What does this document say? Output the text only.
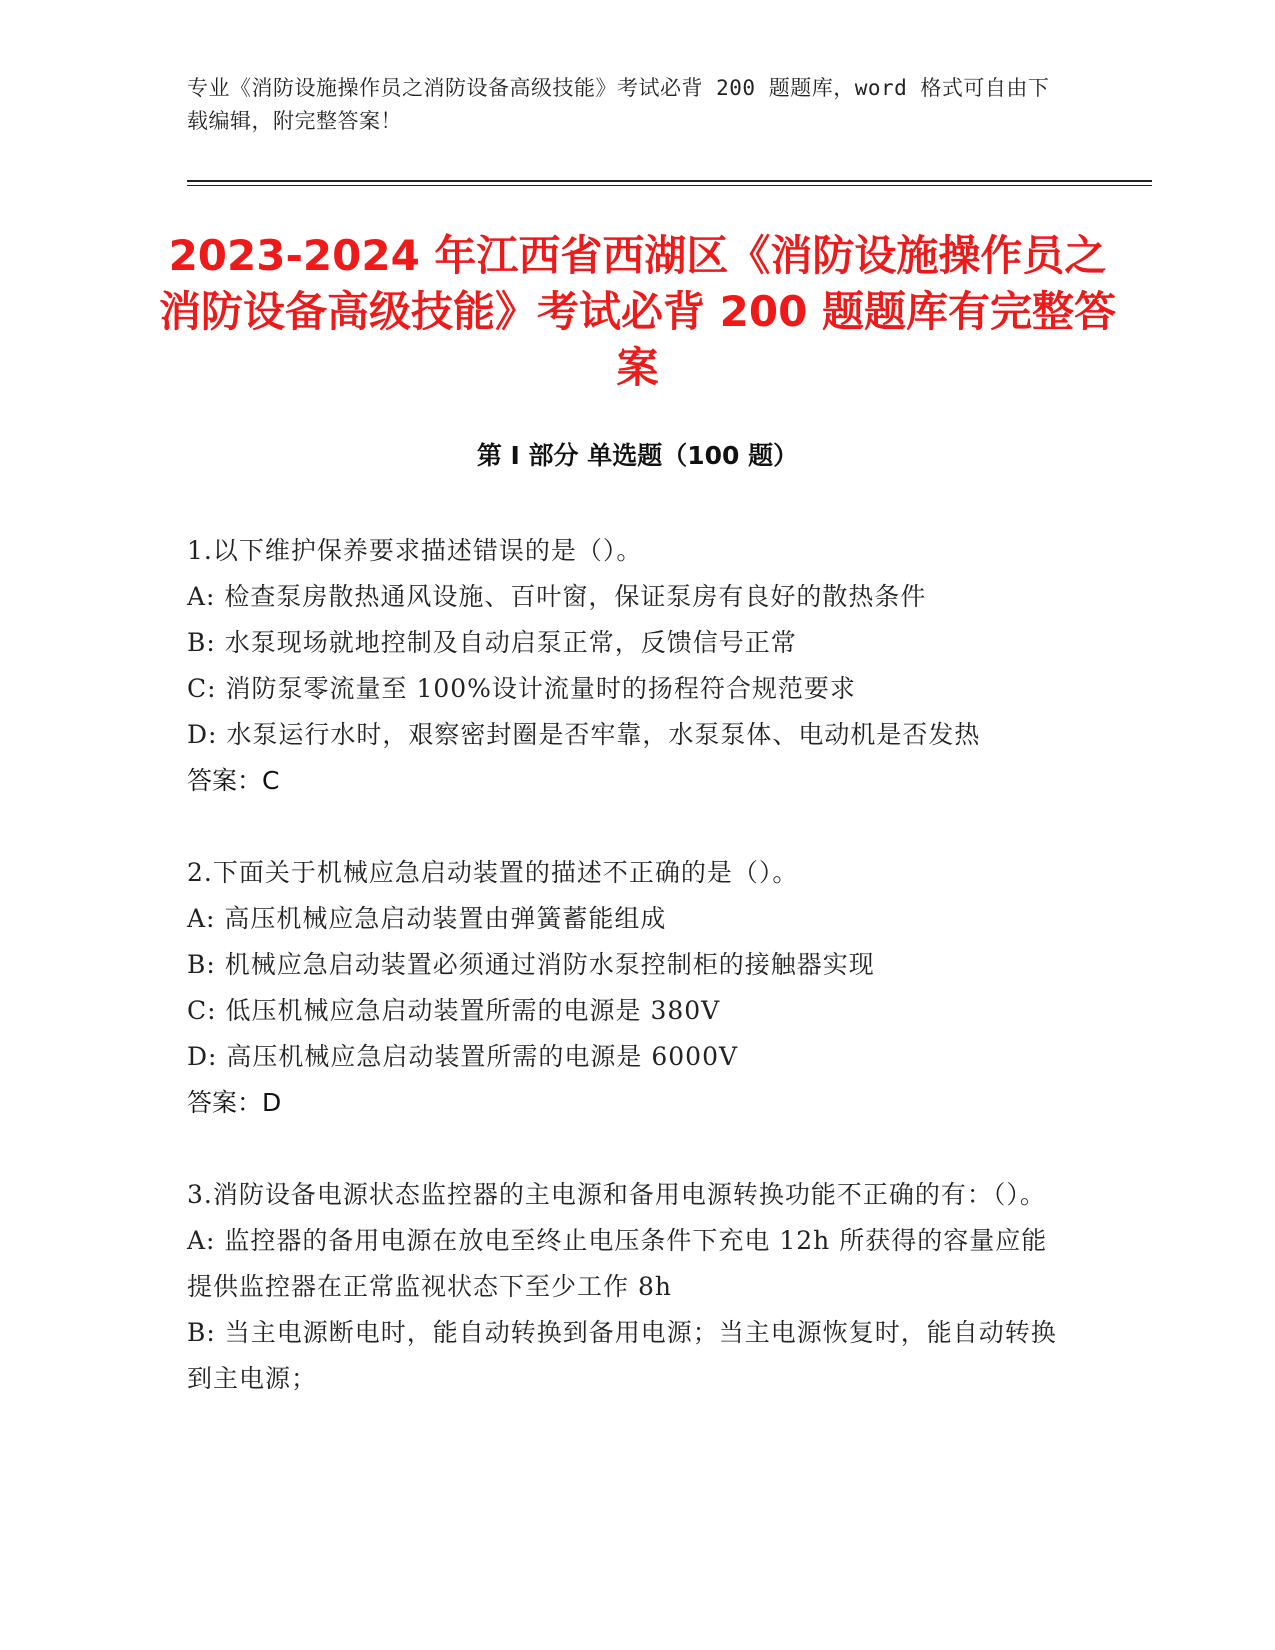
专业《消防设施操作员之消防设备高级技能》考试必背 200 题题库，word 格式可自由下载编辑，附完整答案！
2023-2024 年江西省西湖区《消防设施操作员之消防设备高级技能》考试必背 200 题题库有完整答案
第 I 部分 单选题（100 题）
1.以下维护保养要求描述错误的是（）。
A: 检查泵房散热通风设施、百叶窗，保证泵房有良好的散热条件
B: 水泵现场就地控制及自动启泵正常，反馈信号正常
C: 消防泵零流量至 100%设计流量时的扬程符合规范要求
D: 水泵运行水时，艰察密封圈是否牢靠，水泵泵体、电动机是否发热
答案：C
2.下面关于机械应急启动装置的描述不正确的是（）。
A: 高压机械应急启动装置由弹簧蓄能组成
B: 机械应急启动装置必须通过消防水泵控制柜的接触器实现
C: 低压机械应急启动装置所需的电源是 380V
D: 高压机械应急启动装置所需的电源是 6000V
答案：D
3.消防设备电源状态监控器的主电源和备用电源转换功能不正确的有：（）。
A: 监控器的备用电源在放电至终止电压条件下充电 12h 所获得的容量应能提供监控器在正常监视状态下至少工作 8h
B: 当主电源断电时，能自动转换到备用电源；当主电源恢复时，能自动转换到主电源；
